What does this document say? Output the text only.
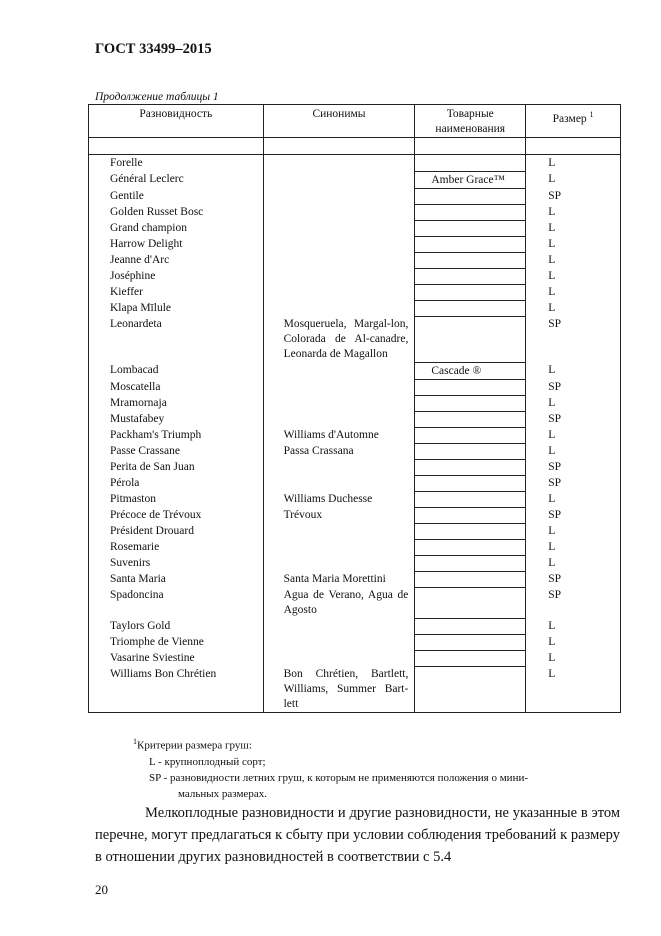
ГОСТ 33499–2015
Продолжение таблицы 1
Разновидность	Синонимы	Товарные наименования	Размер $^1$

Forelle			L
Général Leclerc		Amber Grace™	L
Gentile			SP
Golden Russet Bosc			L
Grand champion			L
Harrow Delight			L
Jeanne d'Arc			L
Joséphine			L
Kieffer			L
Klapa Mīlule			L
Leonardeta	Mosqueruela, Margal-lon, Colorada de Al-canadre, Leonarda de Magallon		SP
Lombacad		Cascade ®	L
Moscatella			SP
Mramornaja			L
Mustafabey			SP
Packham's Triumph	Williams d'Automne		L
Passe Crassane	Passa Crassana		L
Perita de San Juan			SP
Pérola			SP
Pitmaston	Williams Duchesse		L
Précoce de Trévoux	Trévoux		SP
Président Drouard			L
Rosemarie			L
Suvenirs			L
Santa Maria	Santa Maria Morettini		SP
Spadoncina	Agua de Verano, Agua de Agosto		SP
Taylors Gold			L
Triomphe de Vienne			L
Vasarine Sviestine			L
Williams Bon Chrétien	Bon Chrétien, Bartlett, Williams, Summer Bart-lett		L
$^1$Критерии размера груш:
L - крупноплодный сорт;
SP - разновидности летних груш, к которым не применяются положения о мини-
мальных размерах.
Мелкоплодные разновидности и другие разновидности, не указанные в этом перечне, могут предлагаться к сбыту при условии соблюдения требований к размеру в отношении других разновидностей в соответствии с 5.4
20
